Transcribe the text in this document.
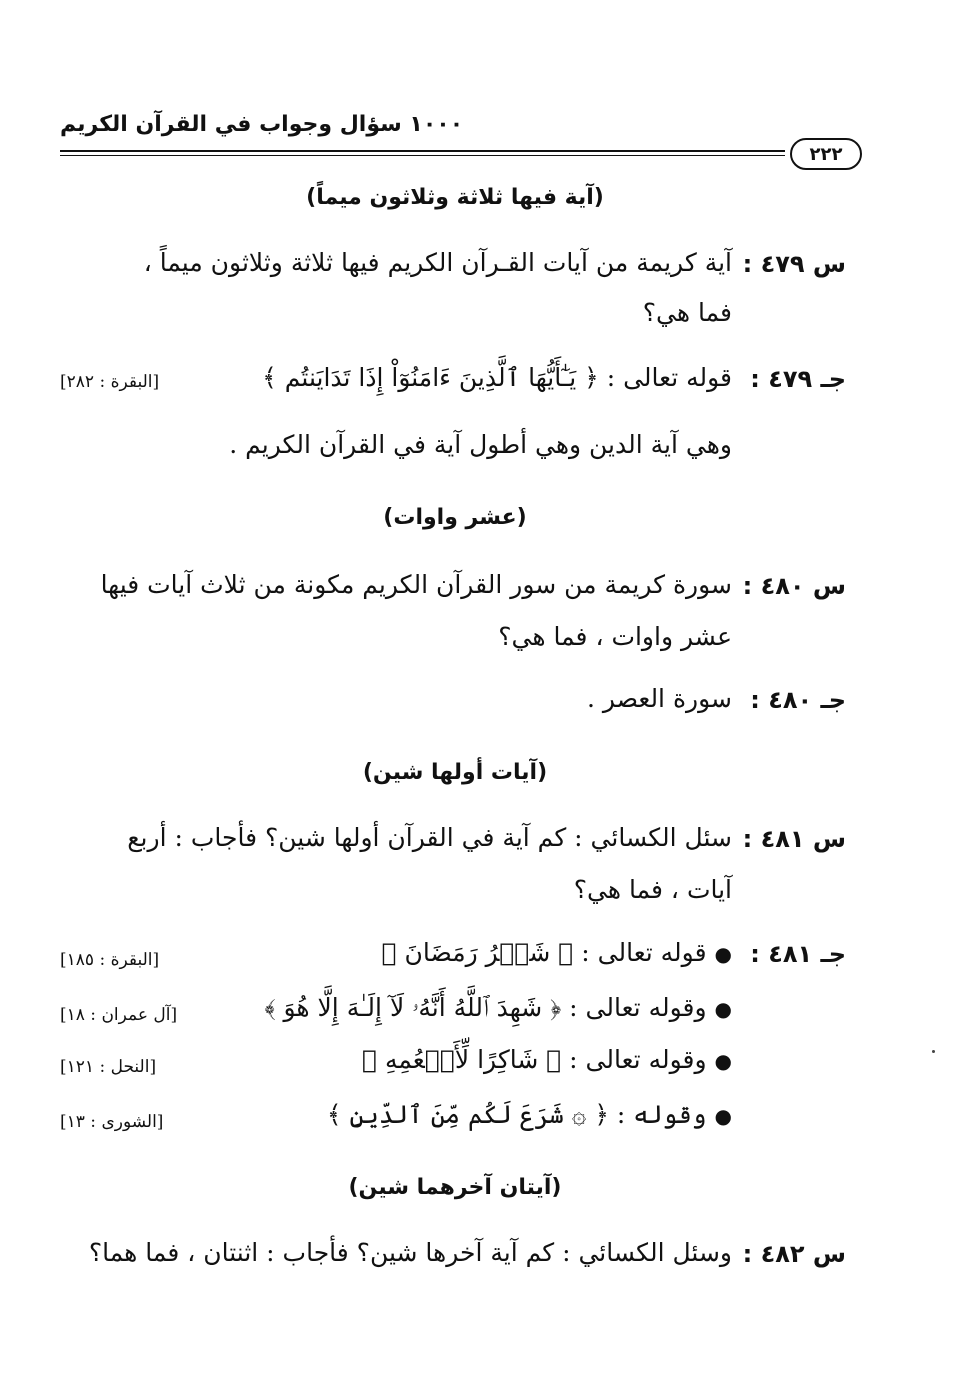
١٠٠٠ سؤال وجواب في القرآن الكريم
٢٢٢
(آية فيها ثلاثة وثلاثون ميماً)
س ٤٧٩ :
آية كريمة من آيات القـرآن الكريم فيها ثلاثة وثلاثون ميماً ،
فما هي؟
جـ ٤٧٩ :
قوله تعالى : ﴿ يَـٰٓأَيُّهَا ٱلَّذِينَ ءَامَنُوٓاْ إِذَا تَدَايَنتُم ﴾
[البقرة : ٢٨٢]
وهي آية الدين وهي أطول آية في القرآن الكريم .
(عشر واوات)
س ٤٨٠ :
سورة كريمة من سور القرآن الكريم مكونة من ثلاث آيات فيها
عشر واوات ، فما هي؟
جـ ٤٨٠ :
سورة العصر .
(آيات أولها شين)
س ٤٨١ :
سئل الكسائي : كم آية في القرآن أولها شين؟ فأجاب : أربع
آيات ، فما هي؟
جـ ٤٨١ :
●قوله تعالى : ﴿ شَهۡرُ رَمَضَانَ ﴾
[البقرة : ١٨٥]
●وقوله تعالى : ﴿ شَهِدَ ٱللَّهُ أَنَّهُۥ لَآ إِلَـٰهَ إِلَّا هُوَ ﴾
[آل عمران : ١٨]
●وقوله تعالى : ﴿ شَاكِرًا لِّأَنۡعُمِهِ ﴾
[النحل : ١٢١]
●وقوله : ﴿ ۞ شَرَعَ لَكُم مِّنَ ٱلدِّينِ ﴾
[الشورى : ١٣]
(آيتان آخرهما شين)
س ٤٨٢ :
وسئل الكسائي : كم آية آخرها شين؟ فأجاب : اثنتان ، فما هما؟
